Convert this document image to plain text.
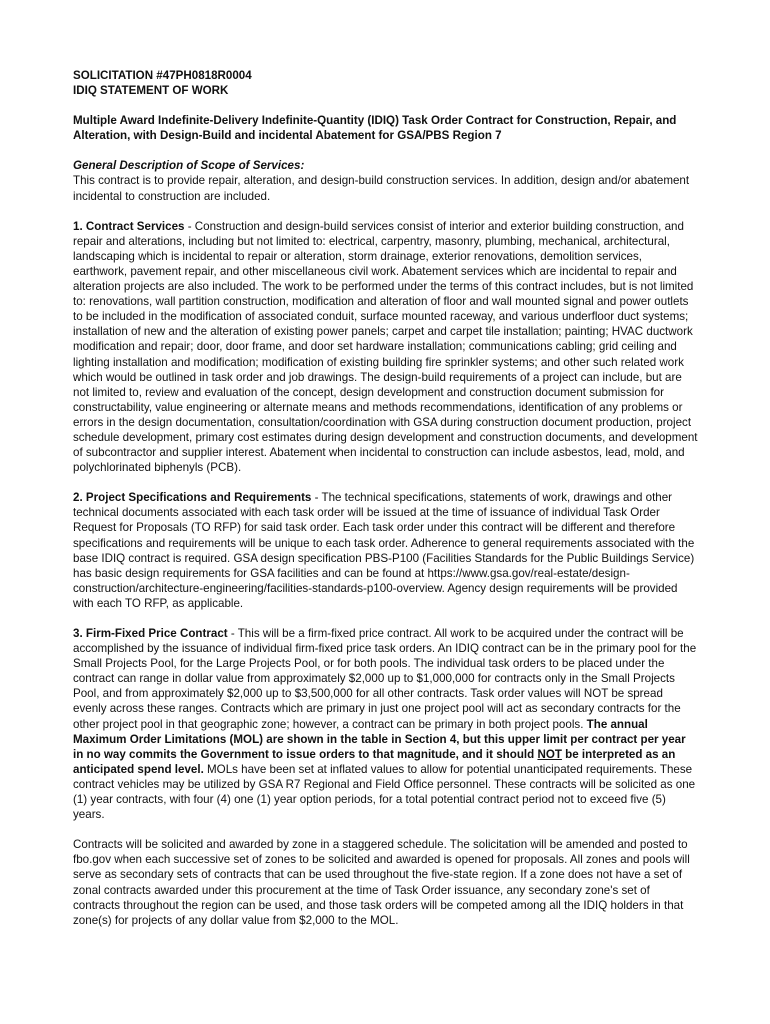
SOLICITATION #47PH0818R0004

IDIQ STATEMENT OF WORK

Multiple Award Indefinite-Delivery Indefinite-Quantity (IDIQ) Task Order Contract for Construction, Repair, and Alteration, with Design-Build and incidental Abatement for GSA/PBS Region 7

General Description of Scope of Services:

This contract is to provide repair, alteration, and design-build construction services. In addition, design and/or abatement incidental to construction are included.

1. Contract Services - Construction and design-build services consist of interior and exterior building construction, and repair and alterations, including but not limited to: electrical, carpentry, masonry, plumbing, mechanical, architectural, landscaping which is incidental to repair or alteration, storm drainage, exterior renovations, demolition services, earthwork, pavement repair, and other miscellaneous civil work. Abatement services which are incidental to repair and alteration projects are also included. The work to be performed under the terms of this contract includes, but is not limited to: renovations, wall partition construction, modification and alteration of floor and wall mounted signal and power outlets to be included in the modification of associated conduit, surface mounted raceway, and various underfloor duct systems; installation of new and the alteration of existing power panels; carpet and carpet tile installation; painting; HVAC ductwork modification and repair; door, door frame, and door set hardware installation; communications cabling; grid ceiling and lighting installation and modification; modification of existing building fire sprinkler systems; and other such related work which would be outlined in task order and job drawings. The design-build requirements of a project can include, but are not limited to, review and evaluation of the concept, design development and construction document submission for constructability, value engineering or alternate means and methods recommendations, identification of any problems or errors in the design documentation, consultation/coordination with GSA during construction document production, project schedule development, primary cost estimates during design development and construction documents, and development of subcontractor and supplier interest. Abatement when incidental to construction can include asbestos, lead, mold, and polychlorinated biphenyls (PCB).

2. Project Specifications and Requirements - The technical specifications, statements of work, drawings and other technical documents associated with each task order will be issued at the time of issuance of individual Task Order Request for Proposals (TO RFP) for said task order. Each task order under this contract will be different and therefore specifications and requirements will be unique to each task order. Adherence to general requirements associated with the base IDIQ contract is required. GSA design specification PBS-P100 (Facilities Standards for the Public Buildings Service) has basic design requirements for GSA facilities and can be found at https://www.gsa.gov/real-estate/design-construction/architecture-engineering/facilities-standards-p100-overview. Agency design requirements will be provided with each TO RFP, as applicable.

3. Firm-Fixed Price Contract - This will be a firm-fixed price contract. All work to be acquired under the contract will be accomplished by the issuance of individual firm-fixed price task orders. An IDIQ contract can be in the primary pool for the Small Projects Pool, for the Large Projects Pool, or for both pools. The individual task orders to be placed under the contract can range in dollar value from approximately $2,000 up to $1,000,000 for contracts only in the Small Projects Pool, and from approximately $2,000 up to $3,500,000 for all other contracts. Task order values will NOT be spread evenly across these ranges. Contracts which are primary in just one project pool will act as secondary contracts for the other project pool in that geographic zone; however, a contract can be primary in both project pools. The annual Maximum Order Limitations (MOL) are shown in the table in Section 4, but this upper limit per contract per year in no way commits the Government to issue orders to that magnitude, and it should NOT be interpreted as an anticipated spend level. MOLs have been set at inflated values to allow for potential unanticipated requirements. These contract vehicles may be utilized by GSA R7 Regional and Field Office personnel. These contracts will be solicited as one (1) year contracts, with four (4) one (1) year option periods, for a total potential contract period not to exceed five (5) years.

Contracts will be solicited and awarded by zone in a staggered schedule. The solicitation will be amended and posted to fbo.gov when each successive set of zones to be solicited and awarded is opened for proposals. All zones and pools will serve as secondary sets of contracts that can be used throughout the five-state region. If a zone does not have a set of zonal contracts awarded under this procurement at the time of Task Order issuance, any secondary zone's set of contracts throughout the region can be used, and those task orders will be competed among all the IDIQ holders in that zone(s) for projects of any dollar value from $2,000 to the MOL.
